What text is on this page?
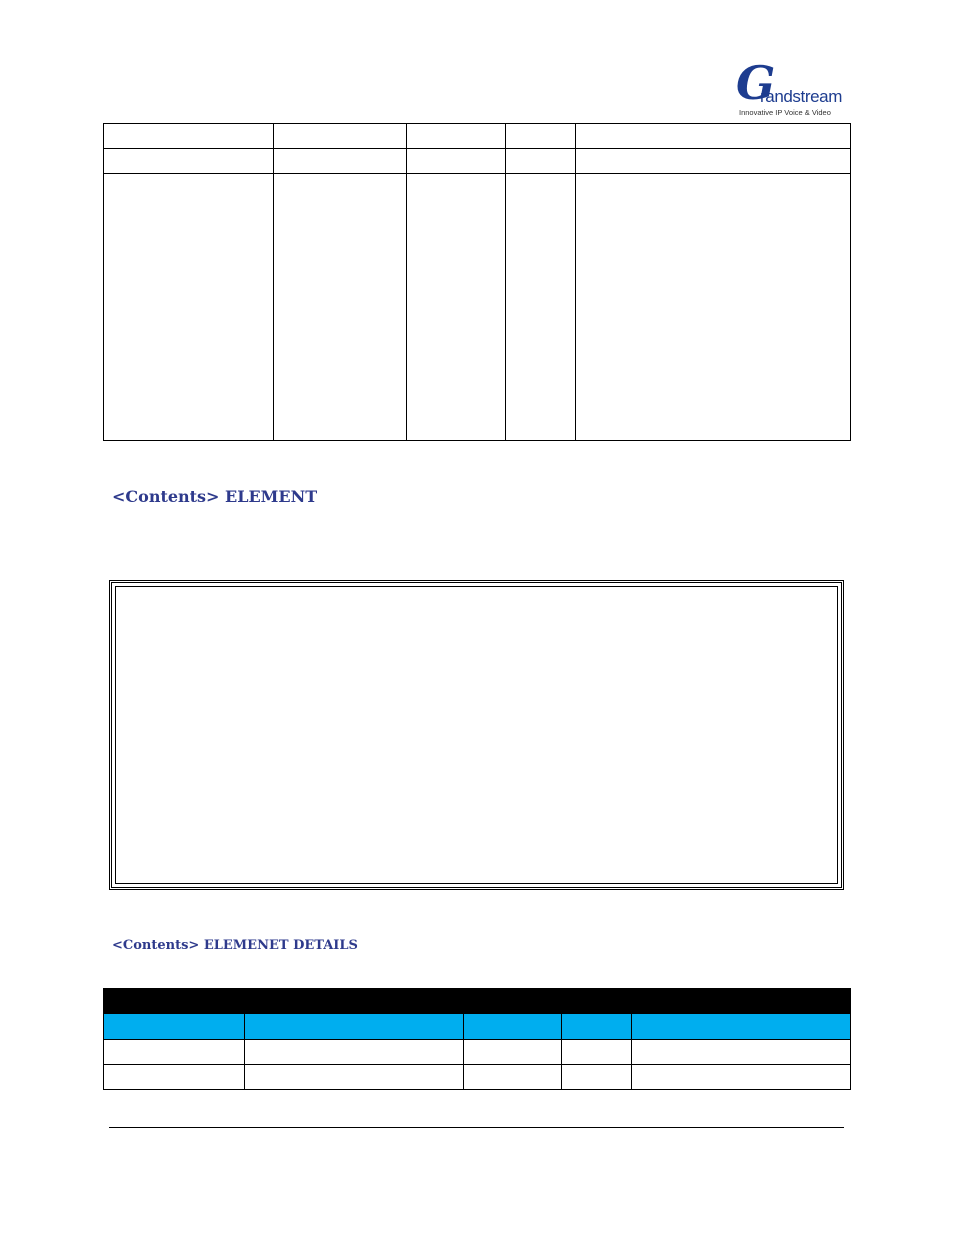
G
randstream
Innovative IP Voice & Video
<Contents> ELEMENT
<Contents> ELEMENET DETAILS
